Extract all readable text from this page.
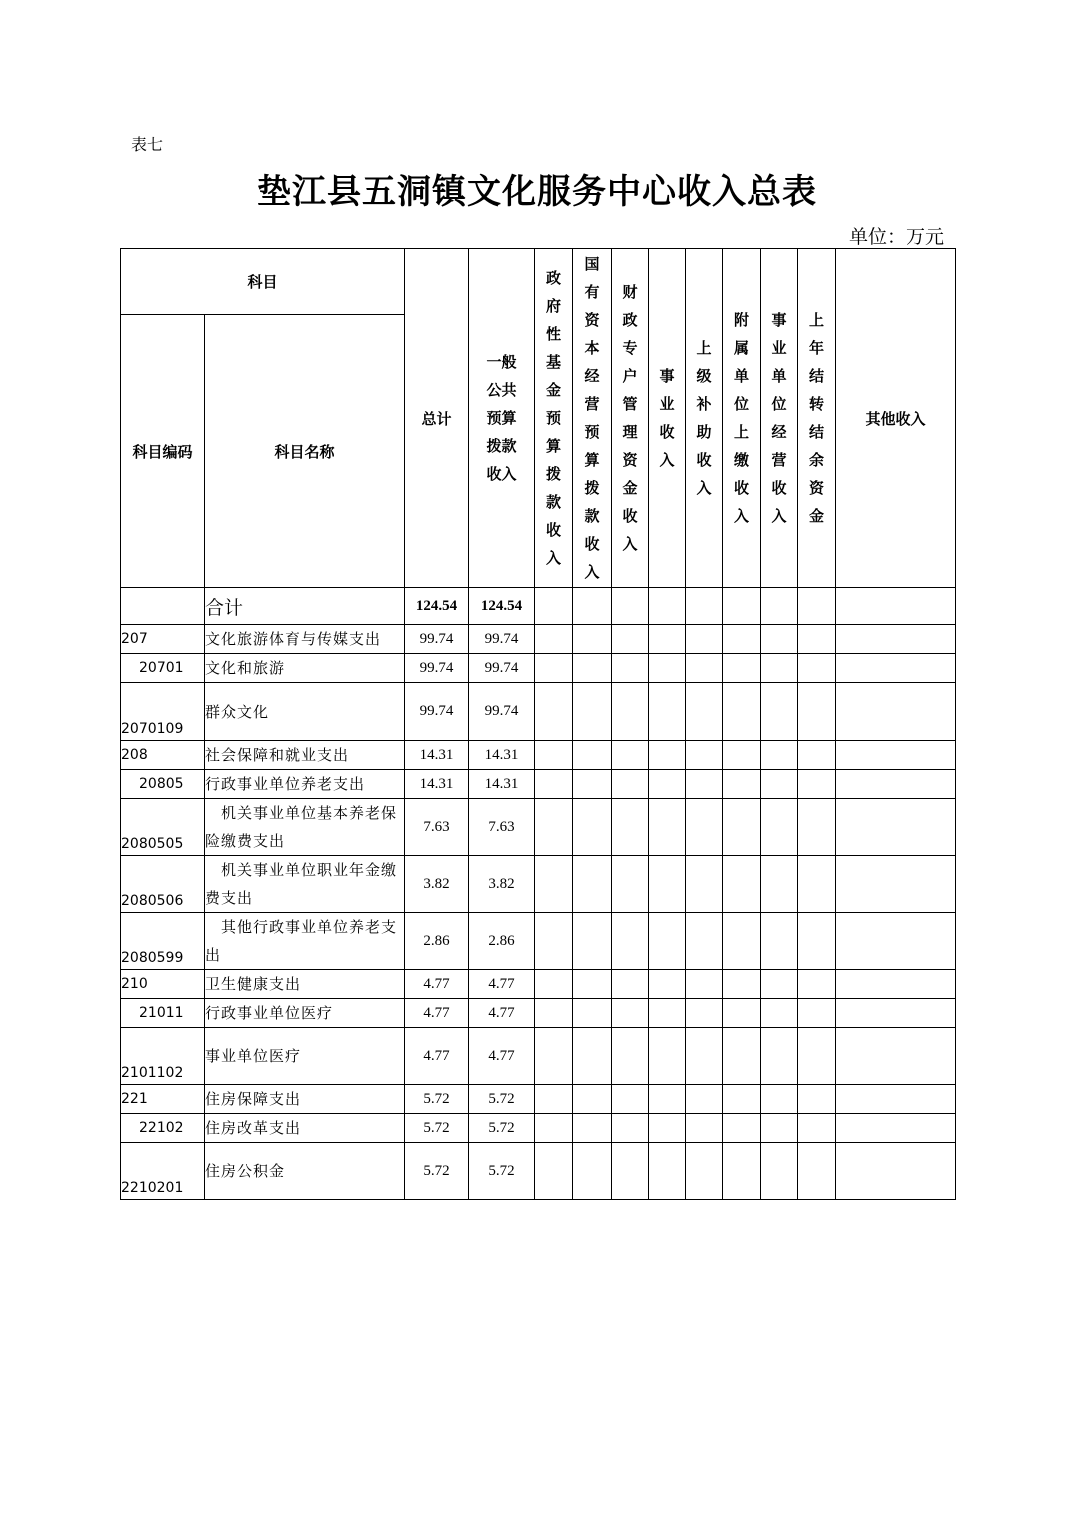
表七
垫江县五洞镇文化服务中心收入总表
单位：万元
科目		总计	一般公共预算拨款收入	政府性基金预算拨款收入	国有资本经营预算拨款收入	财政专户管理资金收入	事业收入	上级补助收入	附属单位上缴收入	事业单位经营收入	上年结转结余资金	其他收入
科目编码	科目名称											
	合计	124.54	124.54									
207	文化旅游体育与传媒支出	99.74	99.74									
20701	文化和旅游	99.74	99.74									
2070109	群众文化	99.74	99.74									
208	社会保障和就业支出	14.31	14.31									
20805	行政事业单位养老支出	14.31	14.31									
2080505	机关事业单位基本养老保险缴费支出	7.63	7.63									
2080506	机关事业单位职业年金缴费支出	3.82	3.82									
2080599	其他行政事业单位养老支出	2.86	2.86									
210	卫生健康支出	4.77	4.77									
21011	行政事业单位医疗	4.77	4.77									
2101102	事业单位医疗	4.77	4.77									
221	住房保障支出	5.72	5.72									
22102	住房改革支出	5.72	5.72									
2210201	住房公积金	5.72	5.72									
